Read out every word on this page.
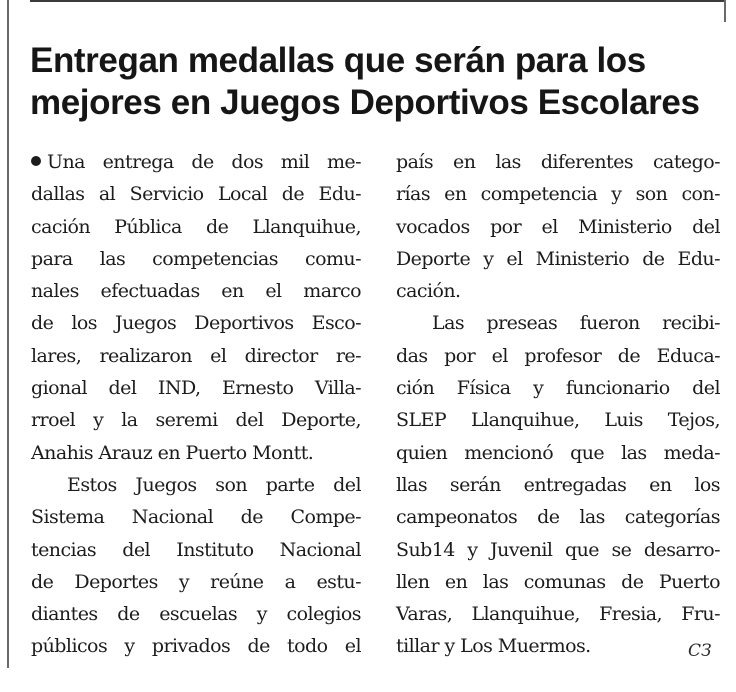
Entregan medallas que serán para los
mejores en Juegos Deportivos Escolares
Una entrega de dos mil me-
dallas al Servicio Local de Edu-
cación Pública de Llanquihue,
para las competencias comu-
nales efectuadas en el marco
de los Juegos Deportivos Esco-
lares, realizaron el director re-
gional del IND, Ernesto Villa-
rroel y la seremi del Deporte,
Anahis Arauz en Puerto Montt.
Estos Juegos son parte del
Sistema Nacional de Compe-
tencias del Instituto Nacional
de Deportes y reúne a estu-
diantes de escuelas y colegios
públicos y privados de todo el
país en las diferentes catego-
rías en competencia y son con-
vocados por el Ministerio del
Deporte y el Ministerio de Edu-
cación.
Las preseas fueron recibi-
das por el profesor de Educa-
ción Física y funcionario del
SLEP Llanquihue, Luis Tejos,
quien mencionó que las meda-
llas serán entregadas en los
campeonatos de las categorías
Sub14 y Juvenil que se desarro-
llen en las comunas de Puerto
Varas, Llanquihue, Fresia, Fru-
tillar y Los Muermos.	CЗ
